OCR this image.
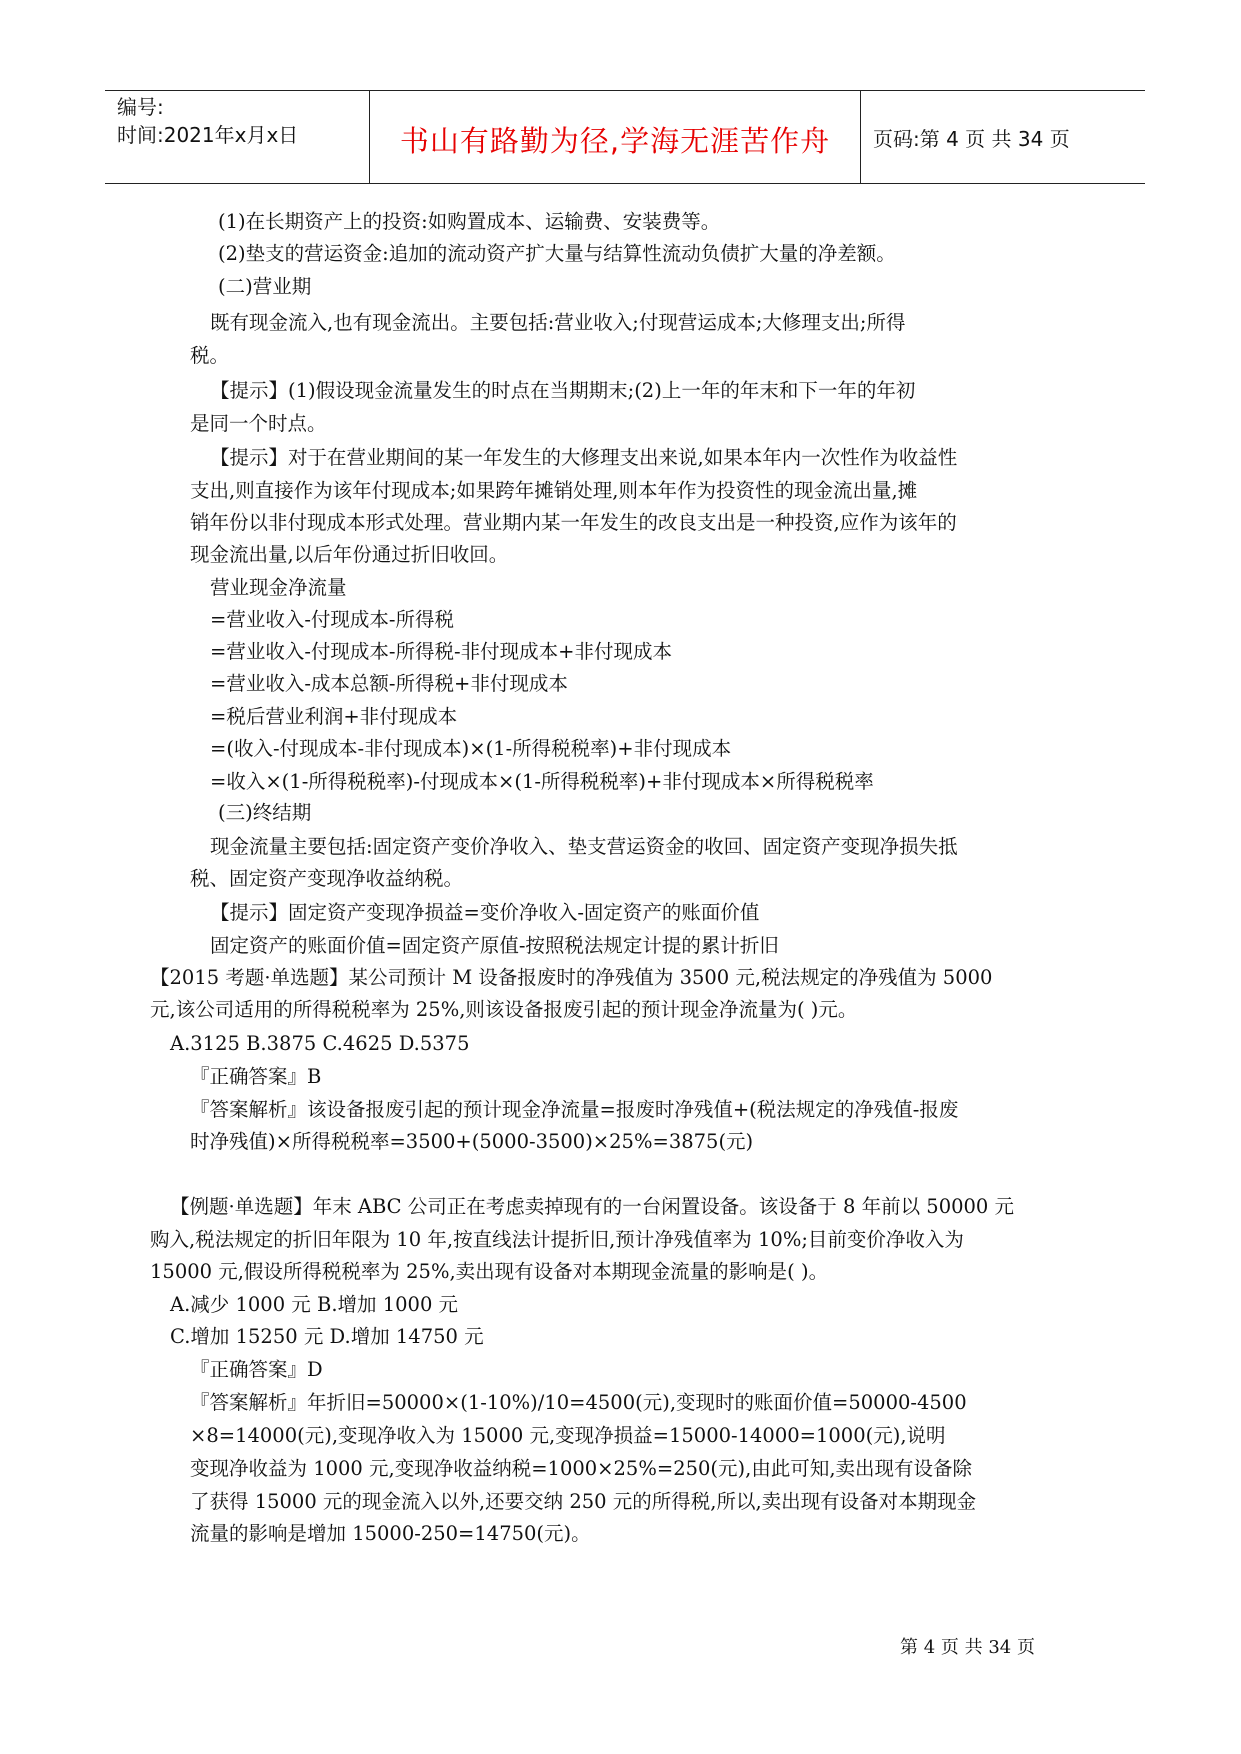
编号:
时间:2021年x月x日	书山有路勤为径,学海无涯苦作舟	页码:第 4 页 共 34 页
(1)在长期资产上的投资:如购置成本、运输费、安装费等。
(2)垫支的营运资金:追加的流动资产扩大量与结算性流动负债扩大量的净差额。
(二)营业期
既有现金流入,也有现金流出。主要包括:营业收入;付现营运成本;大修理支出;所得
税。
【提示】(1)假设现金流量发生的时点在当期期末;(2)上一年的年末和下一年的年初
是同一个时点。
【提示】对于在营业期间的某一年发生的大修理支出来说,如果本年内一次性作为收益性
支出,则直接作为该年付现成本;如果跨年摊销处理,则本年作为投资性的现金流出量,摊
销年份以非付现成本形式处理。营业期内某一年发生的改良支出是一种投资,应作为该年的
现金流出量,以后年份通过折旧收回。
营业现金净流量
=营业收入-付现成本-所得税
=营业收入-付现成本-所得税-非付现成本+非付现成本
=营业收入-成本总额-所得税+非付现成本
=税后营业利润+非付现成本
=(收入-付现成本-非付现成本)×(1-所得税税率)+非付现成本
=收入×(1-所得税税率)-付现成本×(1-所得税税率)+非付现成本×所得税税率
(三)终结期
现金流量主要包括:固定资产变价净收入、垫支营运资金的收回、固定资产变现净损失抵
税、固定资产变现净收益纳税。
【提示】固定资产变现净损益=变价净收入-固定资产的账面价值
固定资产的账面价值=固定资产原值-按照税法规定计提的累计折旧
【2015 考题·单选题】某公司预计 M 设备报废时的净残值为 3500 元,税法规定的净残值为 5000
元,该公司适用的所得税税率为 25%,则该设备报废引起的预计现金净流量为( )元。
A.3125 B.3875 C.4625 D.5375
『正确答案』B
『答案解析』该设备报废引起的预计现金净流量=报废时净残值+(税法规定的净残值-报废
时净残值)×所得税税率=3500+(5000-3500)×25%=3875(元)
【例题·单选题】年末 ABC 公司正在考虑卖掉现有的一台闲置设备。该设备于 8 年前以 50000 元
购入,税法规定的折旧年限为 10 年,按直线法计提折旧,预计净残值率为 10%;目前变价净收入为
15000 元,假设所得税税率为 25%,卖出现有设备对本期现金流量的影响是( )。
A.减少 1000 元 B.增加 1000 元
C.增加 15250 元 D.增加 14750 元
『正确答案』D
『答案解析』年折旧=50000×(1-10%)/10=4500(元),变现时的账面价值=50000-4500
×8=14000(元),变现净收入为 15000 元,变现净损益=15000-14000=1000(元),说明
变现净收益为 1000 元,变现净收益纳税=1000×25%=250(元),由此可知,卖出现有设备除
了获得 15000 元的现金流入以外,还要交纳 250 元的所得税,所以,卖出现有设备对本期现金
流量的影响是增加 15000-250=14750(元)。
第 4 页 共 34 页
